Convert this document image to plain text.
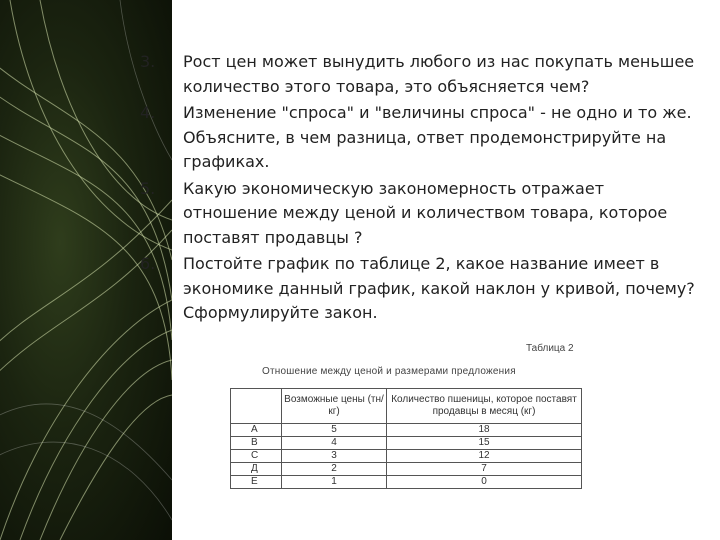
3.	Рост цен может вынудить любого из нас покупать меньшее количество этого товара, это объясняется чем?
4.	Изменение "спроса" и "величины спроса" - не одно и то же. Объясните, в чем разница, ответ продемонстрируйте на графиках.
5.	Какую экономическую закономерность отражает отношение между ценой и количеством товара, которое поставят продавцы ?
6.	Постойте график по таблице 2, какое название имеет в экономике данный график, какой наклон у кривой, почему? Сформулируйте закон.
Таблица 2
Отношение между ценой и размерами предложения
	Возможные цены (тн/кг)	Количество пшеницы, которое поставят продавцы в месяц (кг)
А	5	18
В	4	15
С	3	12
Д	2	7
Е	1	0
